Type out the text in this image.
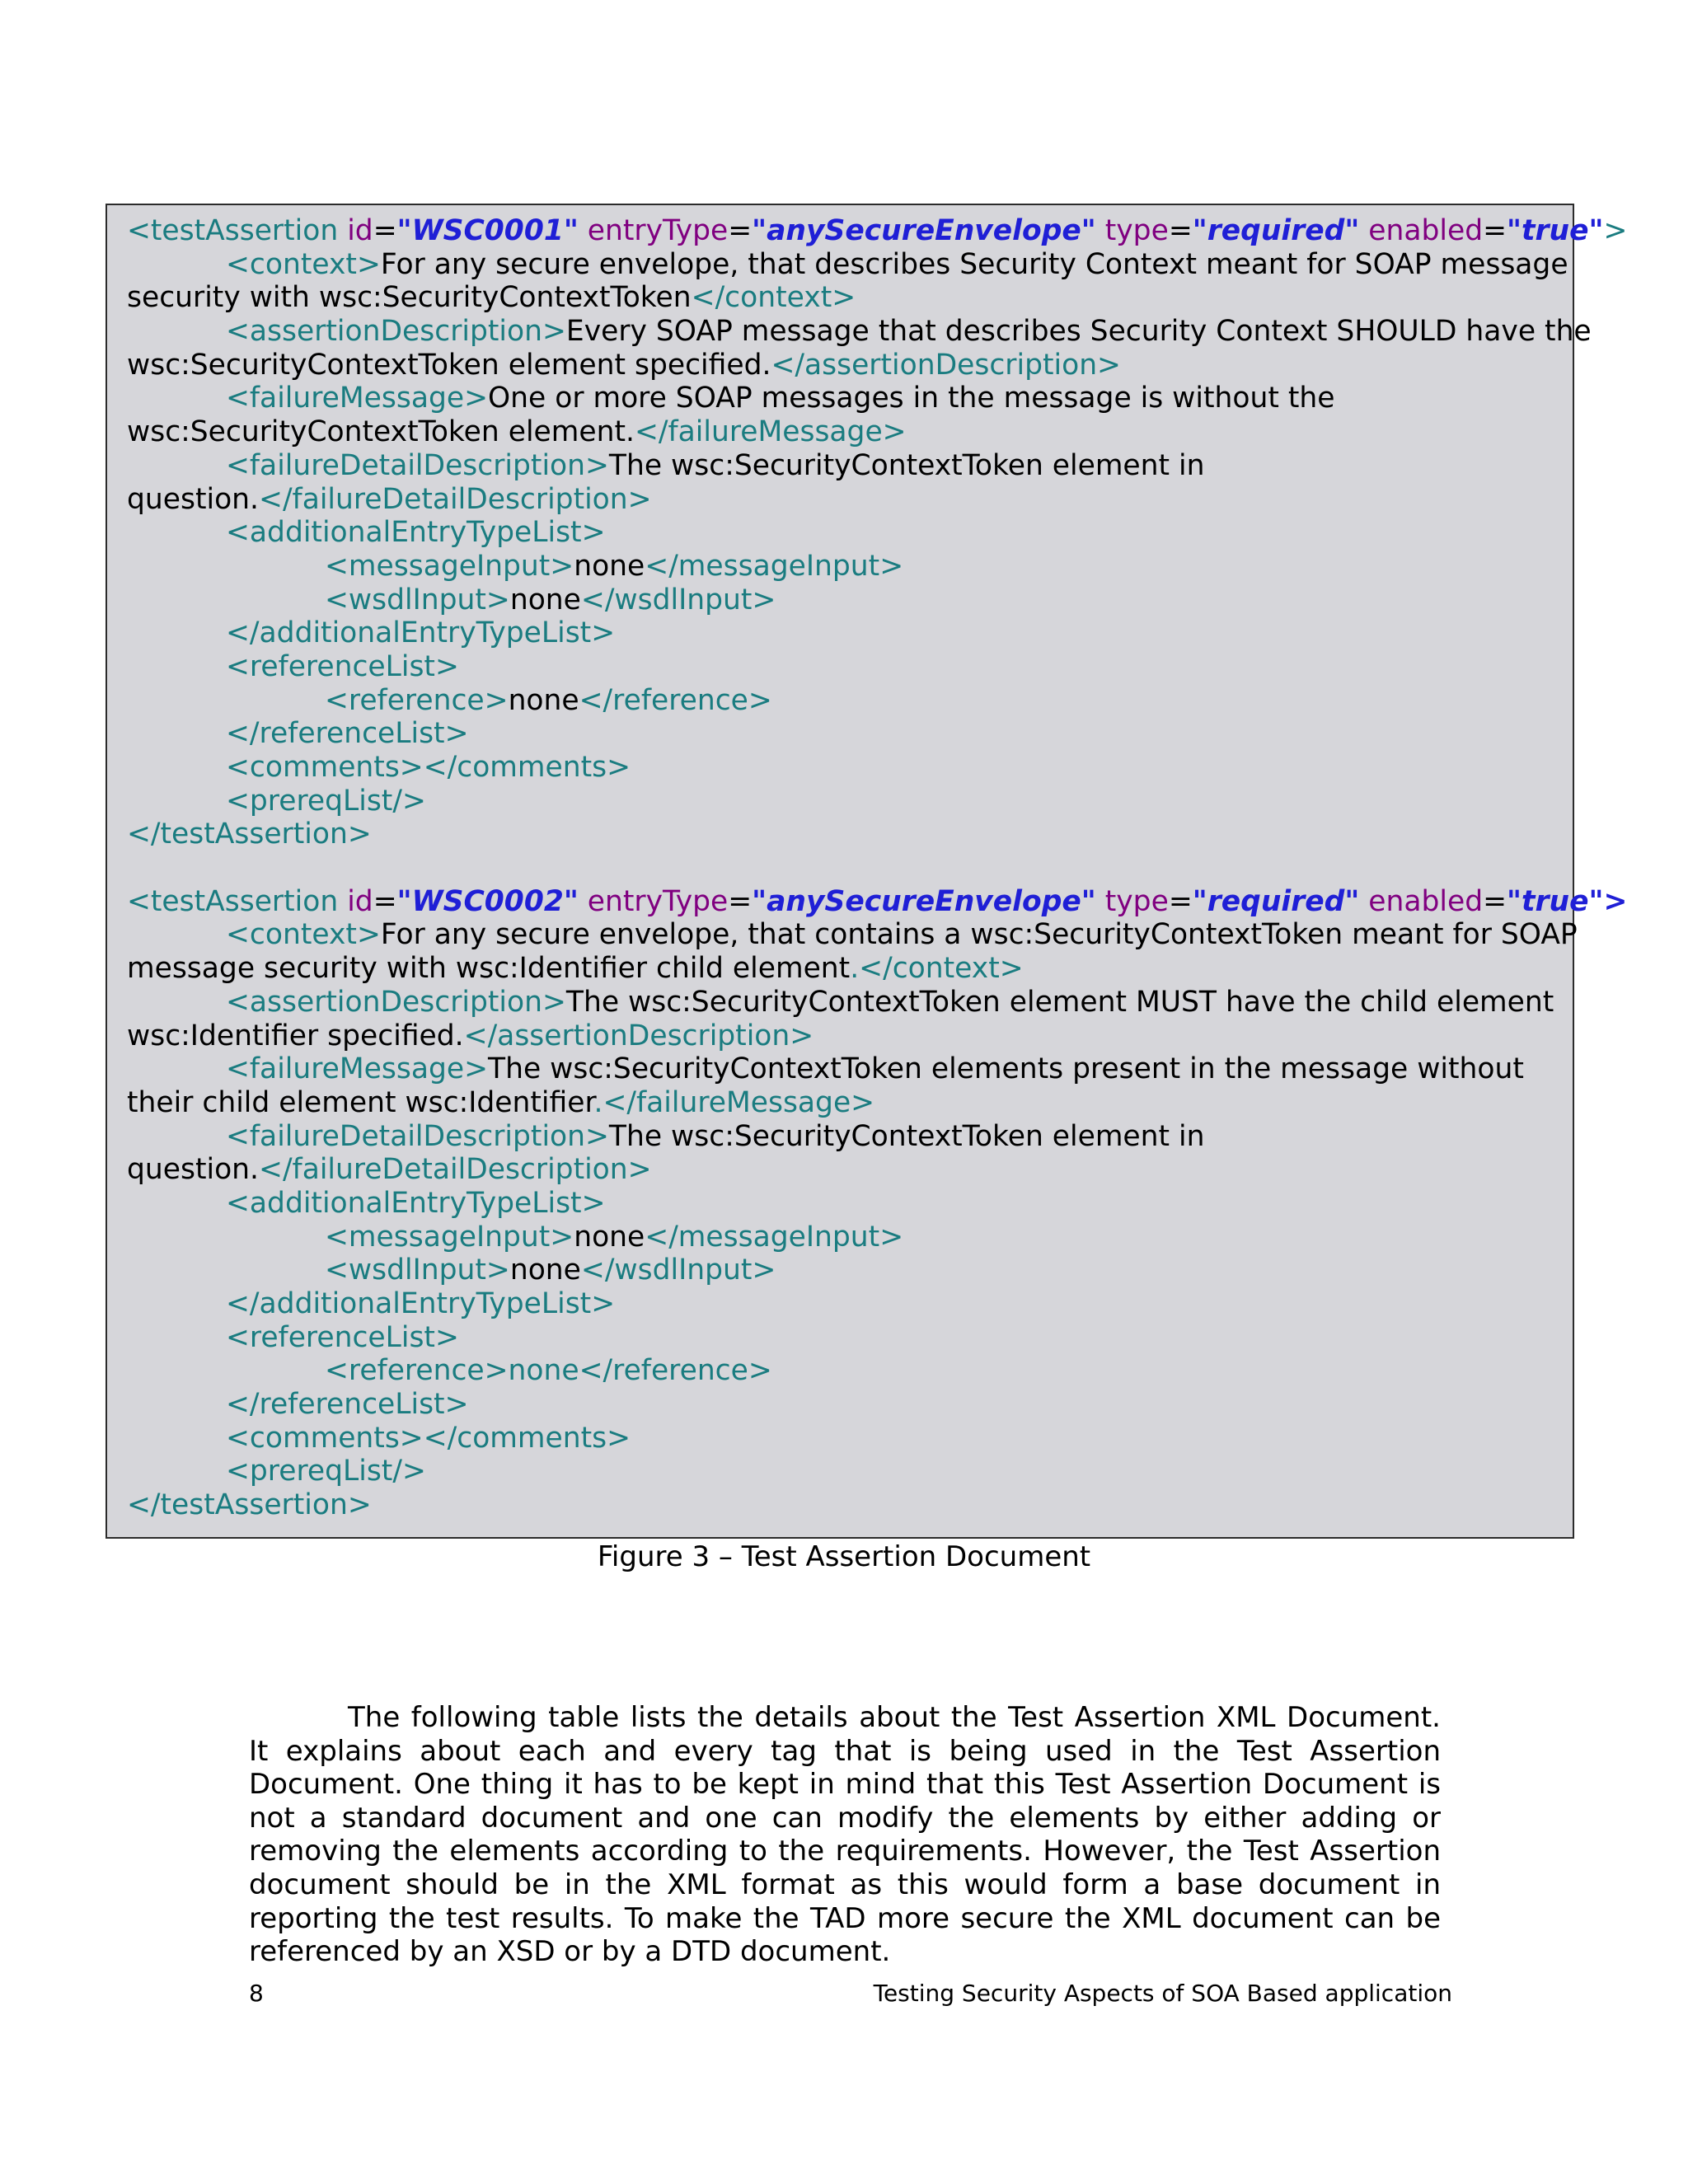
<testAssertion id="WSC0001" entryType="anySecureEnvelope" type="required" enabled="true">
<context>For any secure envelope, that describes Security Context meant for SOAP message
security with wsc:SecurityContextToken</context>
<assertionDescription>Every SOAP message that describes Security Context SHOULD have the
wsc:SecurityContextToken element specified.</assertionDescription>
<failureMessage>One or more SOAP messages in the message is without the
wsc:SecurityContextToken element.</failureMessage>
<failureDetailDescription>The wsc:SecurityContextToken element in
question.</failureDetailDescription>
<additionalEntryTypeList>
<messageInput>none</messageInput>
<wsdlInput>none</wsdlInput>
</additionalEntryTypeList>
<referenceList>
<reference>none</reference>
</referenceList>
<comments></comments>
<prereqList/>
</testAssertion>
<testAssertion id="WSC0002" entryType="anySecureEnvelope" type="required" enabled="true">
<context>For any secure envelope, that contains a wsc:SecurityContextToken meant for SOAP
message security with wsc:Identifier child element.</context>
<assertionDescription>The wsc:SecurityContextToken element MUST have the child element
wsc:Identifier specified.</assertionDescription>
<failureMessage>The wsc:SecurityContextToken elements present in the message without
their child element wsc:Identifier.</failureMessage>
<failureDetailDescription>The wsc:SecurityContextToken element in
question.</failureDetailDescription>
<additionalEntryTypeList>
<messageInput>none</messageInput>
<wsdlInput>none</wsdlInput>
</additionalEntryTypeList>
<referenceList>
<reference>none</reference>
</referenceList>
<comments></comments>
<prereqList/>
</testAssertion>
Figure 3 – Test Assertion Document

The following table lists the details about the Test Assertion XML Document. It explains about each and every tag that is being used in the Test Assertion Document. One thing it has to be kept in mind that this Test Assertion Document is not a standard document and one can modify the elements by either adding or removing the elements according to the requirements. However, the Test Assertion document should be in the XML format as this would form a base document in reporting the test results. To make the TAD more secure the XML document can be referenced by an XSD or by a DTD document.

8	Testing Security Aspects of SOA Based application
